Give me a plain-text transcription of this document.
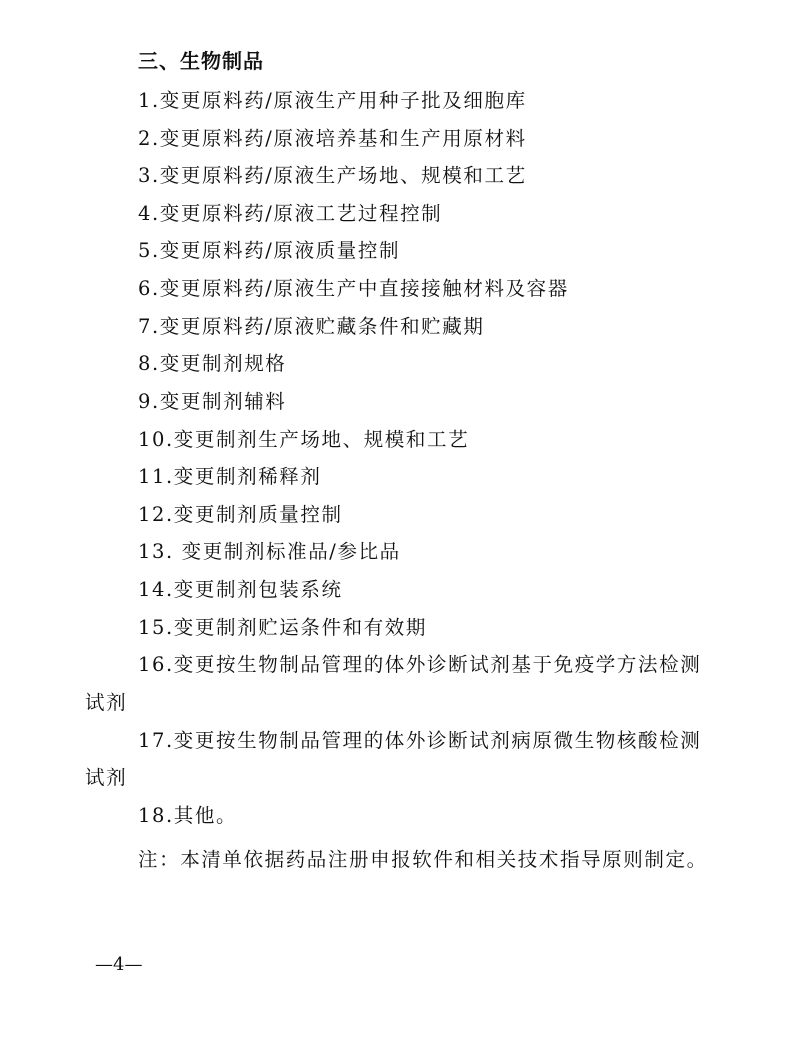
三、生物制品
1.变更原料药/原液生产用种子批及细胞库
2.变更原料药/原液培养基和生产用原材料
3.变更原料药/原液生产场地、规模和工艺
4.变更原料药/原液工艺过程控制
5.变更原料药/原液质量控制
6.变更原料药/原液生产中直接接触材料及容器
7.变更原料药/原液贮藏条件和贮藏期
8.变更制剂规格
9.变更制剂辅料
10.变更制剂生产场地、规模和工艺
11.变更制剂稀释剂
12.变更制剂质量控制
13. 变更制剂标准品/参比品
14.变更制剂包装系统
15.变更制剂贮运条件和有效期
16.变更按生物制品管理的体外诊断试剂基于免疫学方法检测
试剂
17.变更按生物制品管理的体外诊断试剂病原微生物核酸检测
试剂
18.其他。
注：本清单依据药品注册申报软件和相关技术指导原则制定。
—4—
